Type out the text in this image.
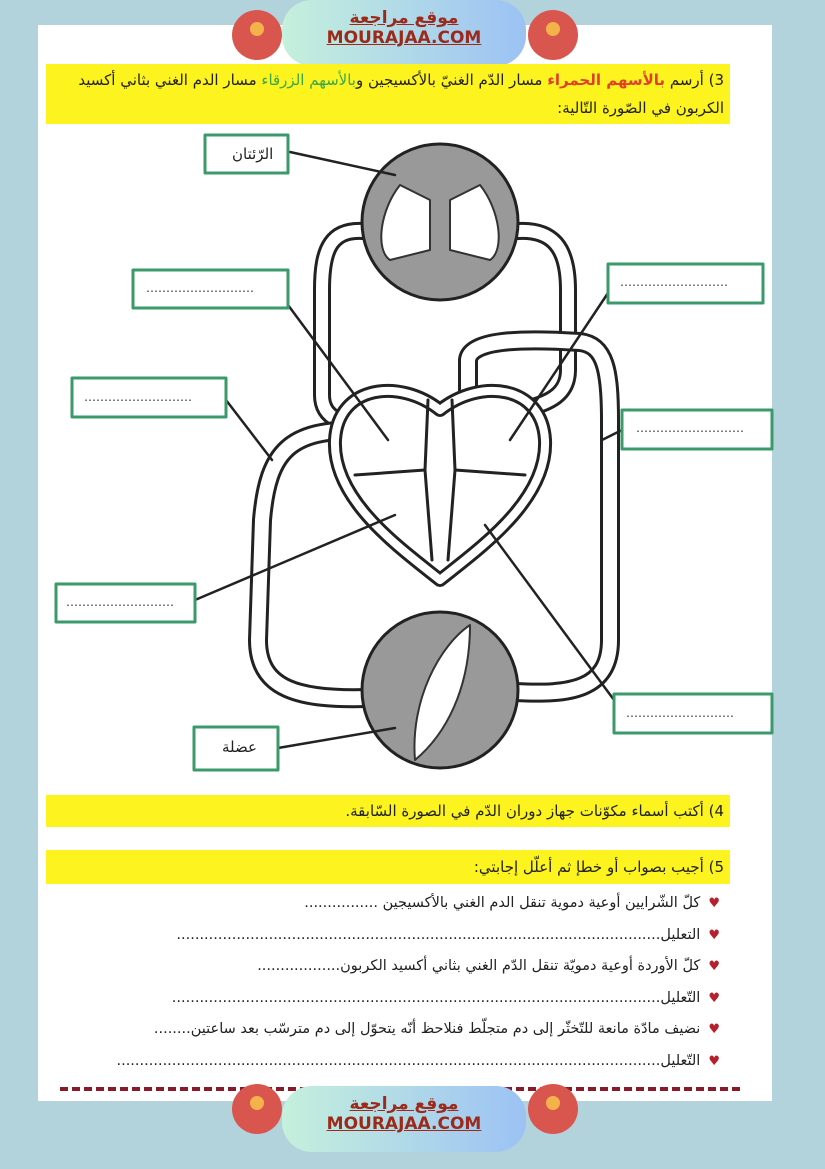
موقع مراجعة
MOURAJAA.COM
3) أرسم بالأسهم الحمراء مسار الدّم الغنيّ بالأكسيجين وبالأسهم الزرقاء مسار الدم الغني بثاني أكسيد الكربون في الصّورة التّالية:
الرّئتان
عضلة
………………………	………………………
………………………
………………………
………………………
………………………
4) أكتب أسماء مكوّنات جهاز دوران الدّم في الصورة السّابقة.
5) أجيب بصواب أو خطإ ثم أعلّل إجابتي:
♥كلّ الشّرايين أوعية دموية تنقل الدم الغني بالأكسيجين ................
♥التعليل.........................................................................................................
♥كلّ الأوردة أوعية دمويّة تنقل الدّم الغني بثاني أكسيد الكربون..................
♥التّعليل..........................................................................................................
♥نضيف مادّة مانعة للتّخثّر إلى دم متجلّط فنلاحظ أنّه يتحوّل إلى دم مترسّب بعد ساعتين........
♥التّعليل......................................................................................................................
موقع مراجعة
MOURAJAA.COM
